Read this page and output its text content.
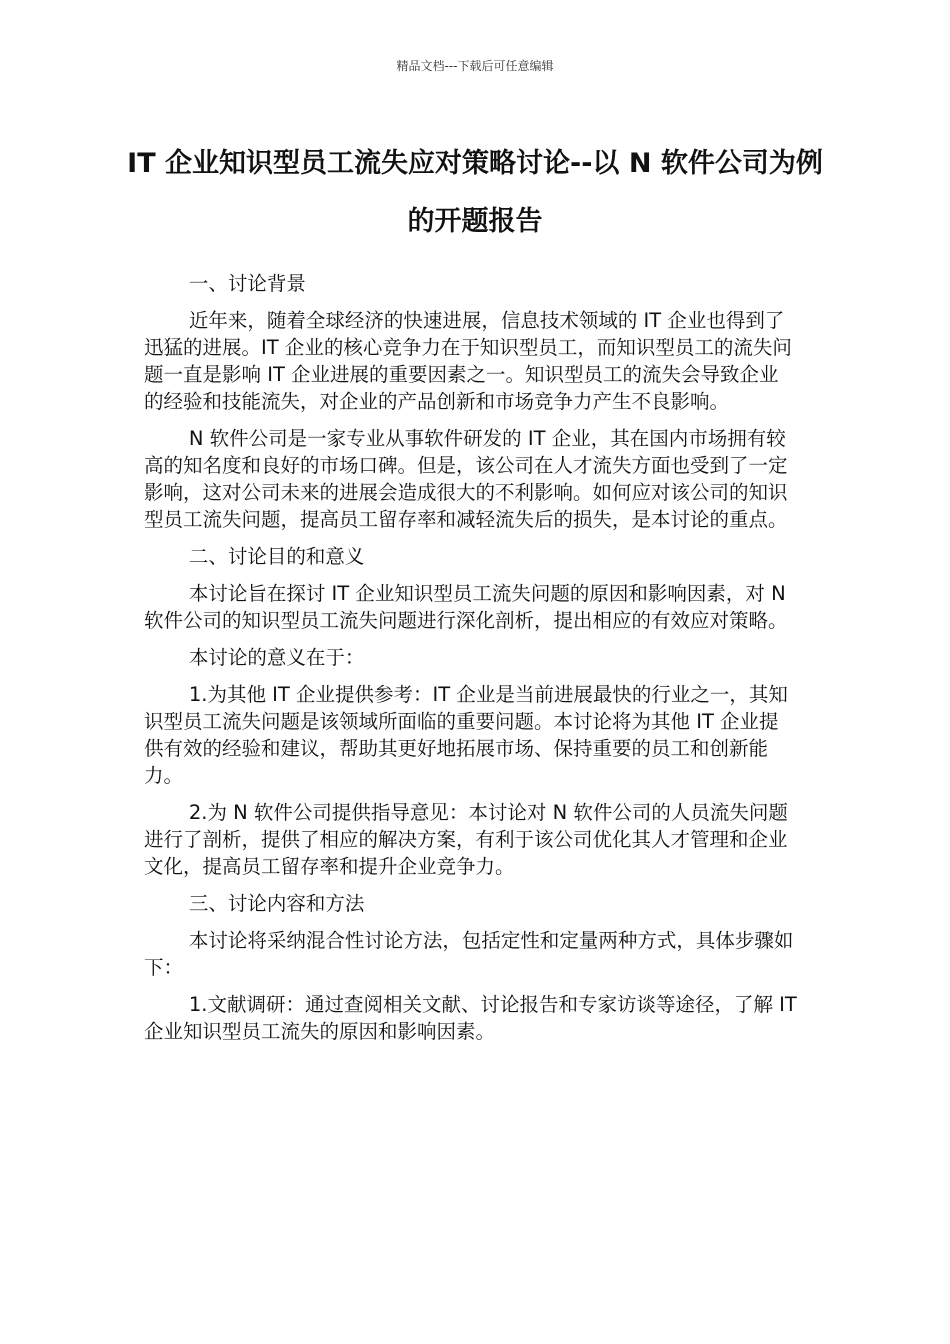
精品文档---下载后可任意编辑
IT 企业知识型员工流失应对策略讨论--以 N 软件公司为例的开题报告

一、讨论背景

近年来，随着全球经济的快速进展，信息技术领域的 IT 企业也得到了迅猛的进展。IT 企业的核心竞争力在于知识型员工，而知识型员工的流失问题一直是影响 IT 企业进展的重要因素之一。知识型员工的流失会导致企业的经验和技能流失，对企业的产品创新和市场竞争力产生不良影响。

N 软件公司是一家专业从事软件研发的 IT 企业，其在国内市场拥有较高的知名度和良好的市场口碑。但是，该公司在人才流失方面也受到了一定影响，这对公司未来的进展会造成很大的不利影响。如何应对该公司的知识型员工流失问题，提高员工留存率和减轻流失后的损失，是本讨论的重点。

二、讨论目的和意义

本讨论旨在探讨 IT 企业知识型员工流失问题的原因和影响因素，对 N 软件公司的知识型员工流失问题进行深化剖析，提出相应的有效应对策略。

本讨论的意义在于：

1.为其他 IT 企业提供参考：IT 企业是当前进展最快的行业之一，其知识型员工流失问题是该领域所面临的重要问题。本讨论将为其他 IT 企业提供有效的经验和建议，帮助其更好地拓展市场、保持重要的员工和创新能力。

2.为 N 软件公司提供指导意见：本讨论对 N 软件公司的人员流失问题进行了剖析，提供了相应的解决方案，有利于该公司优化其人才管理和企业文化，提高员工留存率和提升企业竞争力。

三、讨论内容和方法

本讨论将采纳混合性讨论方法，包括定性和定量两种方式，具体步骤如下：

1.文献调研：通过查阅相关文献、讨论报告和专家访谈等途径，了解 IT 企业知识型员工流失的原因和影响因素。
